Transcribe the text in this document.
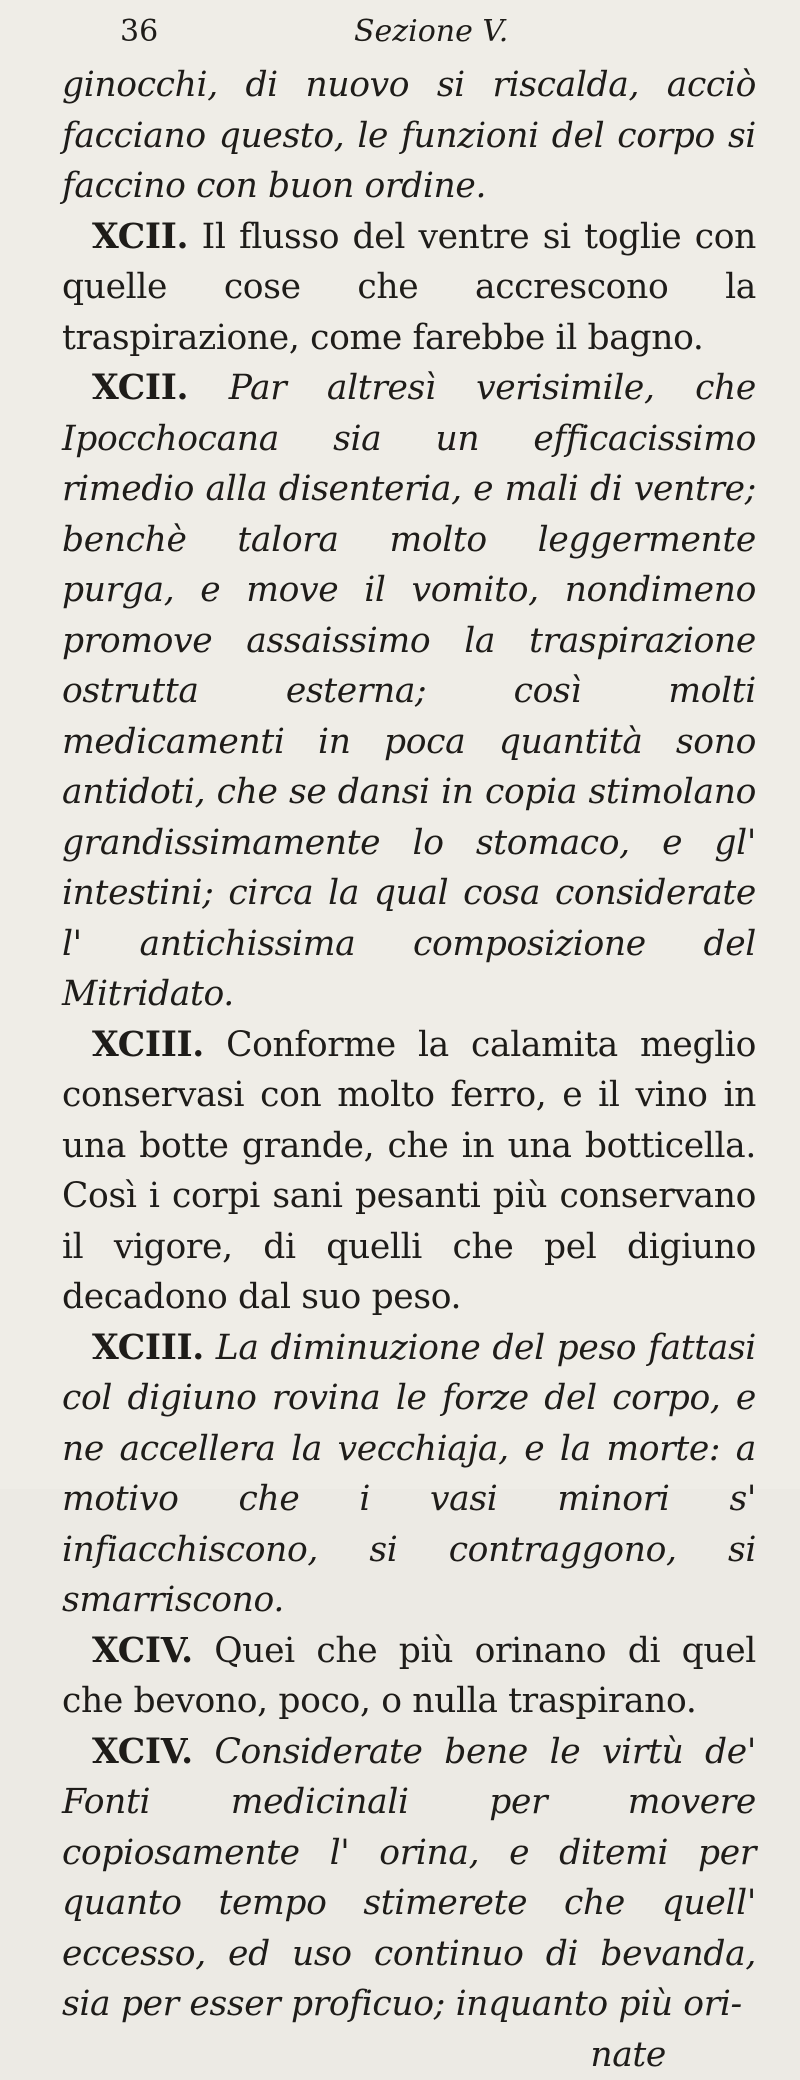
36	Sezione V.

ginocchi, di nuovo si riscalda, acciò facciano questo, le funzioni del corpo si faccino con buon ordine.

XCII. Il flusso del ventre si toglie con quelle cose che accrescono la traspirazione, come farebbe il bagno.

XCII. Par altresì verisimile, che Ipocchocana sia un efficacissimo rimedio alla disenteria, e mali di ventre; benchè talora molto leggermente purga, e move il vomito, nondimeno promove assaissimo la traspirazione ostrutta esterna; così molti medicamenti in poca quantità sono antidoti, che se dansi in copia stimolano grandissimamente lo stomaco, e gl' intestini; circa la qual cosa considerate l' antichissima composizione del Mitridato.

XCIII. Conforme la calamita meglio conservasi con molto ferro, e il vino in una botte grande, che in una botticella. Così i corpi sani pesanti più conservano il vigore, di quelli che pel digiuno decadono dal suo peso.

XCIII. La diminuzione del peso fattasi col digiuno rovina le forze del corpo, e ne accellera la vecchiaja, e la morte: a motivo che i vasi minori s' infiacchiscono, si contraggono, si smarriscono.

XCIV. Quei che più orinano di quel che bevono, poco, o nulla traspirano.

XCIV. Considerate bene le virtù de' Fonti medicinali per movere copiosamente l' orina, e ditemi per quanto tempo stimerete che quell' eccesso, ed uso continuo di bevanda, sia per esser proficuo; inquanto più ori-

nate
